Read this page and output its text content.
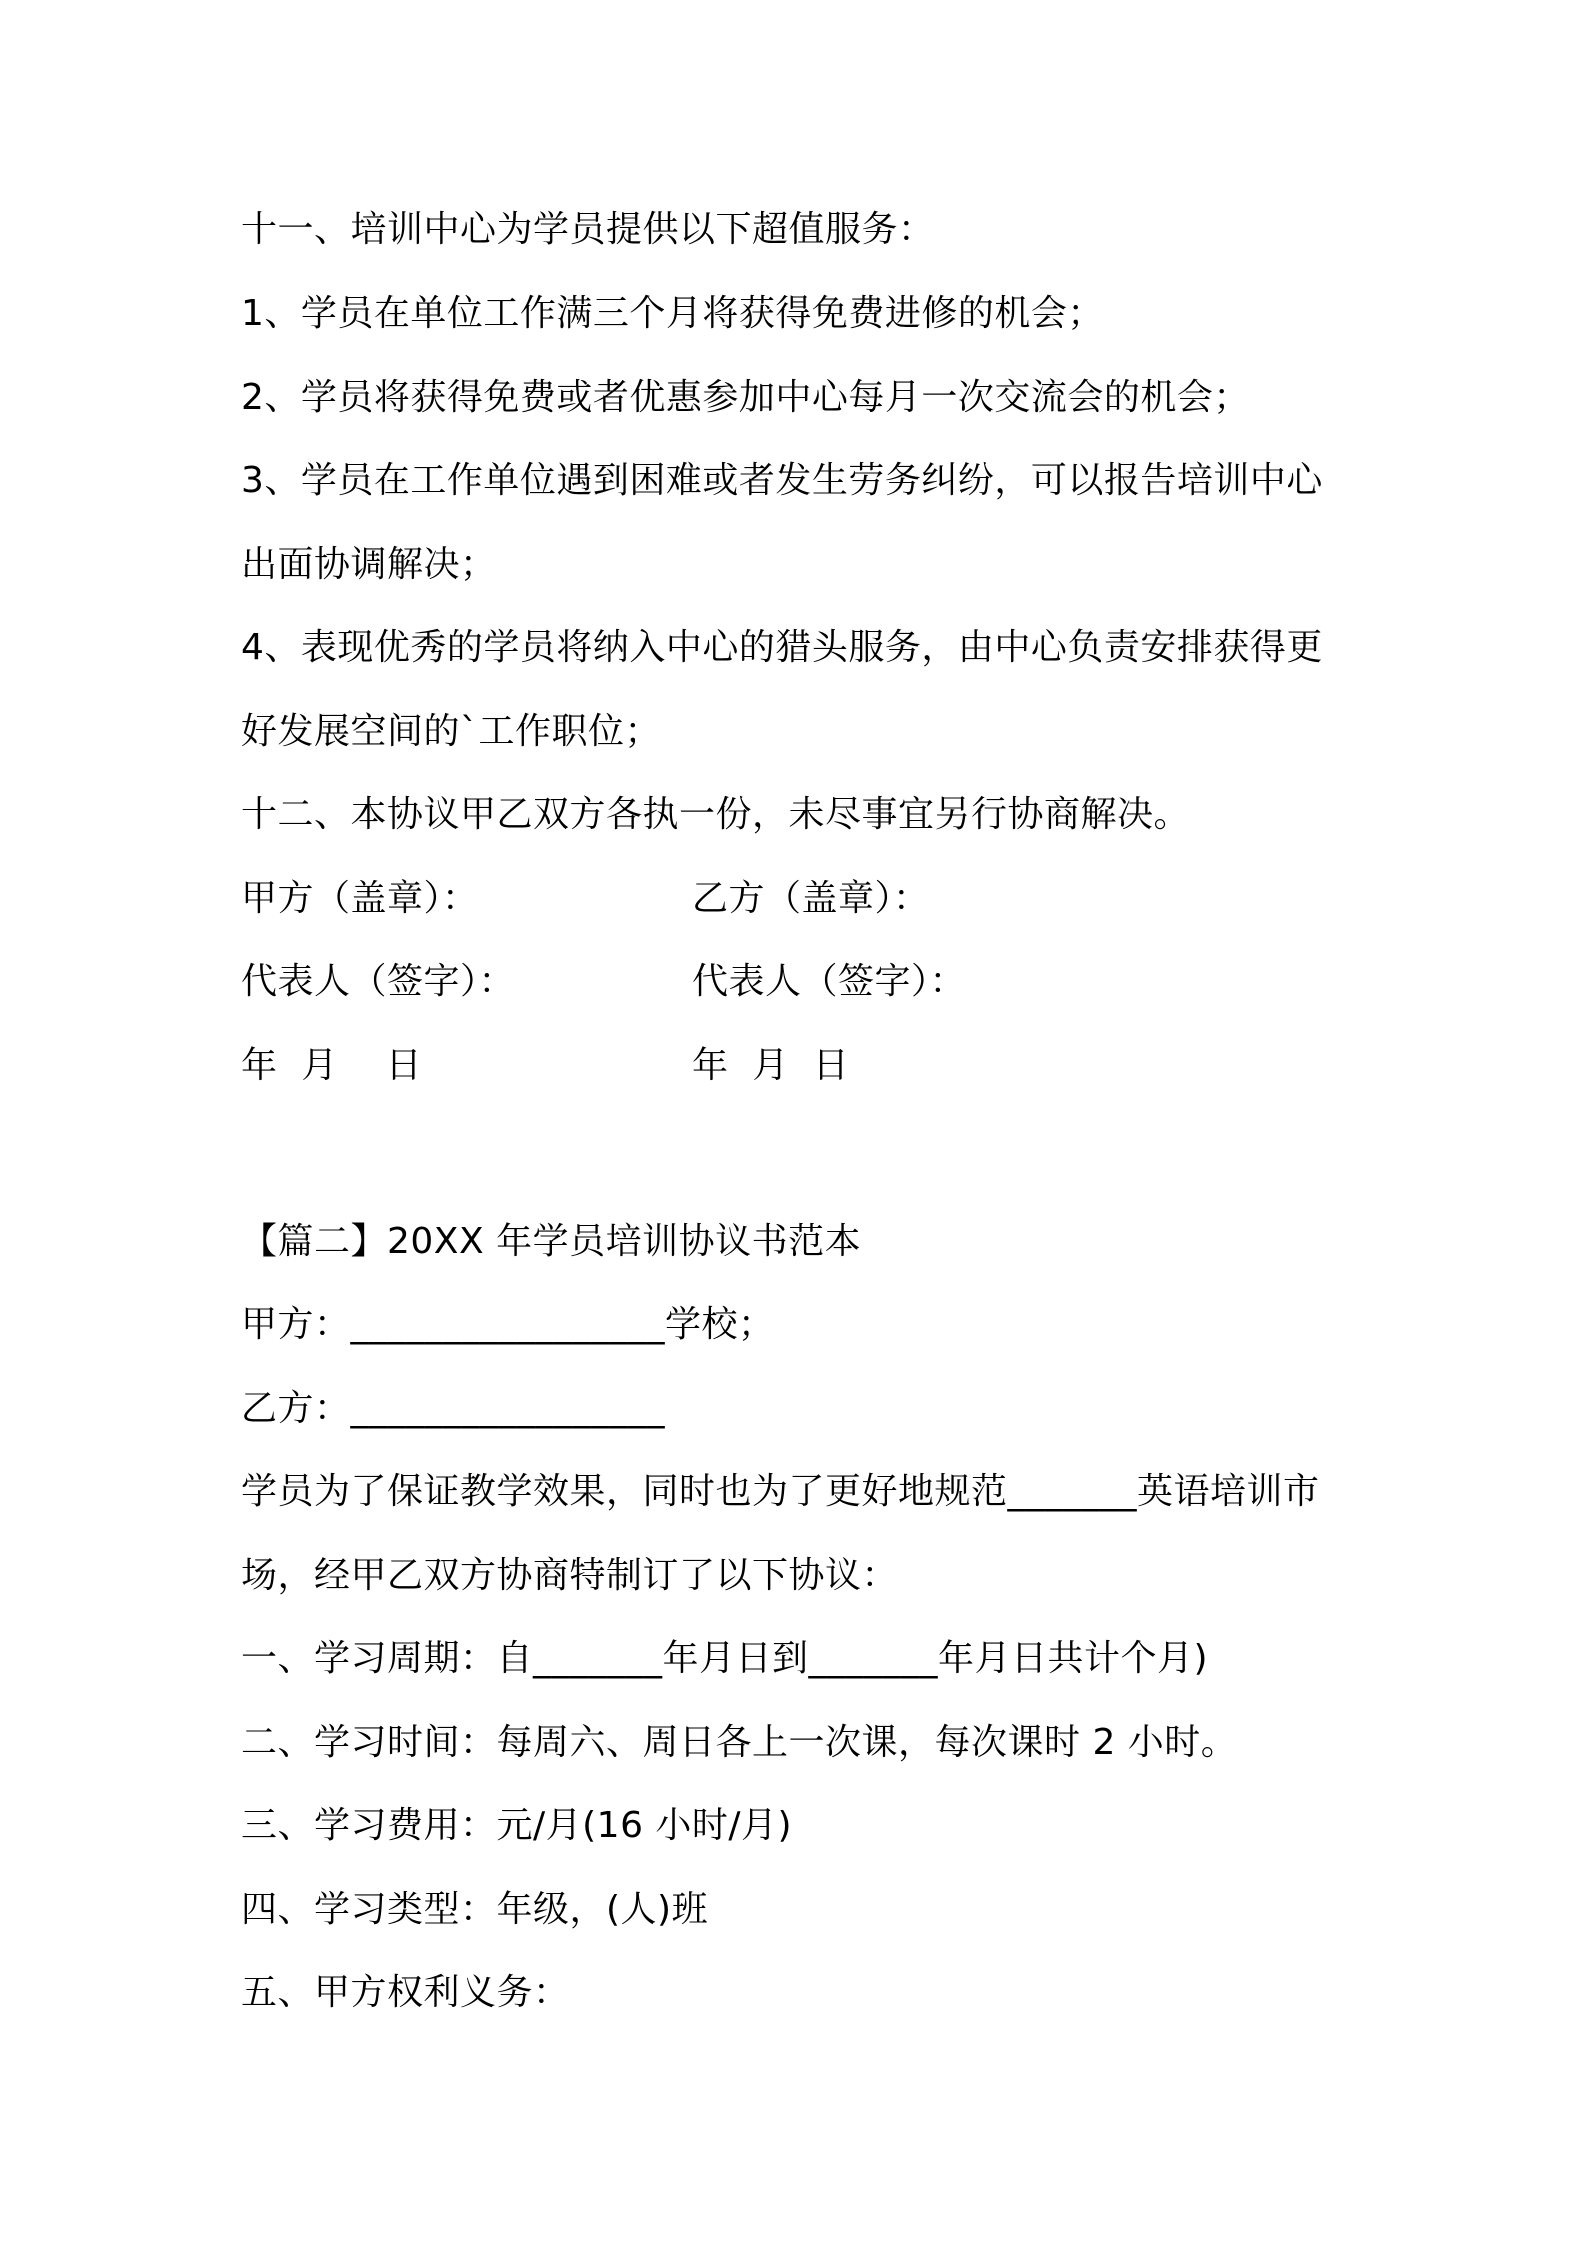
十一、培训中心为学员提供以下超值服务：
1、学员在单位工作满三个月将获得免费进修的机会；
2、学员将获得免费或者优惠参加中心每月一次交流会的机会；
3、学员在工作单位遇到困难或者发生劳务纠纷，可以报告培训中心
出面协调解决；
4、表现优秀的学员将纳入中心的猎头服务，由中心负责安排获得更
好发展空间的`工作职位；
十二、本协议甲乙双方各执一份，未尽事宜另行协商解决。
甲方（盖章）：	乙方（盖章）：
代表人（签字）：	代表人（签字）：
年  月    日	年  月  日
【篇二】20XX 年学员培训协议书范本
甲方：_________________学校；
乙方：_________________
学员为了保证教学效果，同时也为了更好地规范_______英语培训市
场，经甲乙双方协商特制订了以下协议：
一、学习周期：自_______年月日到_______年月日共计个月)
二、学习时间：每周六、周日各上一次课，每次课时 2 小时。
三、学习费用：元/月(16 小时/月)
四、学习类型：年级，(人)班
五、甲方权利义务：
